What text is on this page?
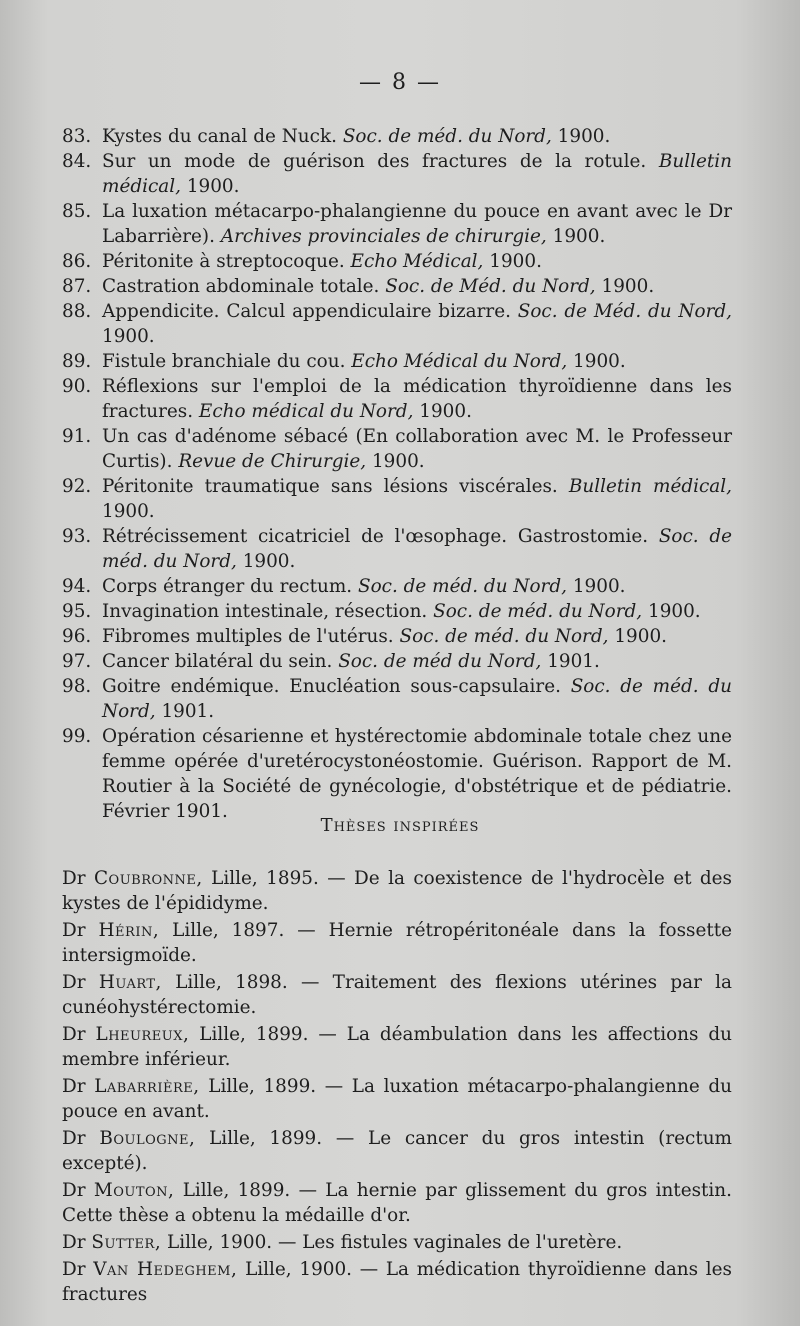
— 8 —
83. Kystes du canal de Nuck. Soc. de méd. du Nord, 1900.
84. Sur un mode de guérison des fractures de la rotule. Bulletin médical, 1900.
85. La luxation métacarpo-phalangienne du pouce en avant avec le Dr Labarrière). Archives provinciales de chirurgie, 1900.
86. Péritonite à streptocoque. Echo Médical, 1900.
87. Castration abdominale totale. Soc. de Méd. du Nord, 1900.
88. Appendicite. Calcul appendiculaire bizarre. Soc. de Méd. du Nord, 1900.
89. Fistule branchiale du cou. Echo Médical du Nord, 1900.
90. Réflexions sur l'emploi de la médication thyroïdienne dans les fractures. Echo médical du Nord, 1900.
91. Un cas d'adénome sébacé (En collaboration avec M. le Professeur Curtis). Revue de Chirurgie, 1900.
92. Péritonite traumatique sans lésions viscérales. Bulletin médical, 1900.
93. Rétrécissement cicatriciel de l'œsophage. Gastrostomie. Soc. de méd. du Nord, 1900.
94. Corps étranger du rectum. Soc. de méd. du Nord, 1900.
95. Invagination intestinale, résection. Soc. de méd. du Nord, 1900.
96. Fibromes multiples de l'utérus. Soc. de méd. du Nord, 1900.
97. Cancer bilatéral du sein. Soc. de méd du Nord, 1901.
98. Goitre endémique. Enucléation sous-capsulaire. Soc. de méd. du Nord, 1901.
99. Opération césarienne et hystérectomie abdominale totale chez une femme opérée d'uretérocystonéostomie. Guérison. Rapport de M. Routier à la Société de gynécologie, d'obstétrique et de pédiatrie. Février 1901.
Thèses inspirées
Dr Coubronne, Lille, 1895. — De la coexistence de l'hydrocèle et des kystes de l'épididyme.
Dr Hérin, Lille, 1897. — Hernie rétropéritonéale dans la fossette intersigmoïde.
Dr Huart, Lille, 1898. — Traitement des flexions utérines par la cunéohystérectomie.
Dr Lheureux, Lille, 1899. — La déambulation dans les affections du membre inférieur.
Dr Labarrière, Lille, 1899. — La luxation métacarpo-phalangienne du pouce en avant.
Dr Boulogne, Lille, 1899. — Le cancer du gros intestin (rectum excepté).
Dr Mouton, Lille, 1899. — La hernie par glissement du gros intestin. Cette thèse a obtenu la médaille d'or.
Dr Sutter, Lille, 1900. — Les fistules vaginales de l'uretère.
Dr Van Hedeghem, Lille, 1900. — La médication thyroïdienne dans les fractures
